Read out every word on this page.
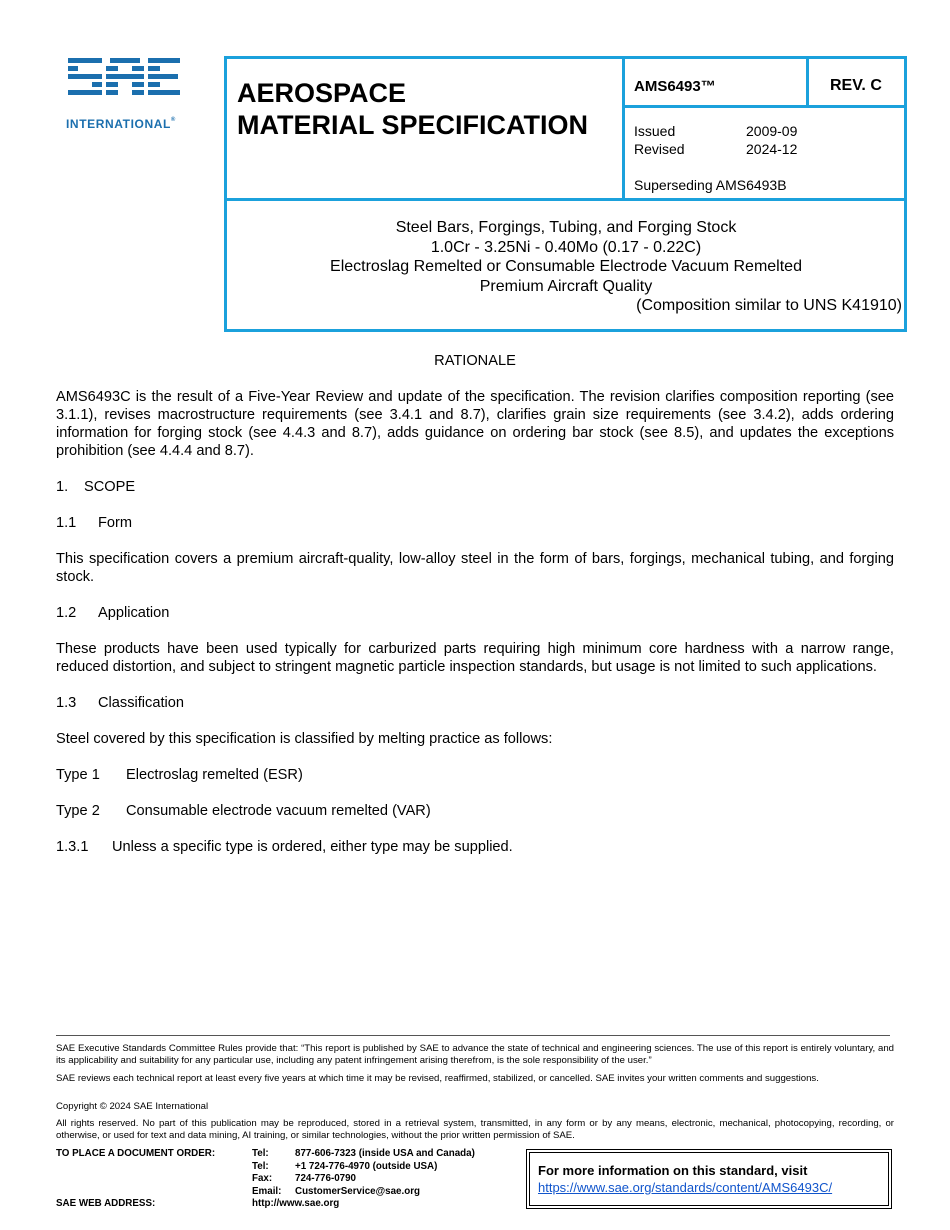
INTERNATIONAL®
AEROSPACE
MATERIAL SPECIFICATION
AMS6493™	REV. C
Issued	2009-09
Revised	2024-12
Superseding AMS6493B
Steel Bars, Forgings, Tubing, and Forging Stock
1.0Cr - 3.25Ni - 0.40Mo (0.17 - 0.22C)
Electroslag Remelted or Consumable Electrode Vacuum Remelted
Premium Aircraft Quality
(Composition similar to UNS K41910)

RATIONALE

AMS6493C is the result of a Five-Year Review and update of the specification. The revision clarifies composition reporting (see 3.1.1), revises macrostructure requirements (see 3.4.1 and 8.7), clarifies grain size requirements (see 3.4.2), adds ordering information for forging stock (see 4.4.3 and 8.7), adds guidance on ordering bar stock (see 8.5), and updates the exceptions prohibition (see 4.4.4 and 8.7).

1. SCOPE

1.1 Form

This specification covers a premium aircraft-quality, low-alloy steel in the form of bars, forgings, mechanical tubing, and forging stock.

1.2 Application

These products have been used typically for carburized parts requiring high minimum core hardness with a narrow range, reduced distortion, and subject to stringent magnetic particle inspection standards, but usage is not limited to such applications.

1.3 Classification

Steel covered by this specification is classified by melting practice as follows:

Type 1 Electroslag remelted (ESR)

Type 2 Consumable electrode vacuum remelted (VAR)

1.3.1 Unless a specific type is ordered, either type may be supplied.

SAE Executive Standards Committee Rules provide that: “This report is published by SAE to advance the state of technical and engineering sciences. The use of this report is entirely voluntary, and its applicability and suitability for any particular use, including any patent infringement arising therefrom, is the sole responsibility of the user.”
SAE reviews each technical report at least every five years at which time it may be revised, reaffirmed, stabilized, or cancelled. SAE invites your written comments and suggestions.
Copyright © 2024 SAE International
All rights reserved. No part of this publication may be reproduced, stored in a retrieval system, transmitted, in any form or by any means, electronic, mechanical, photocopying, recording, or otherwise, or used for text and data mining, AI training, or similar technologies, without the prior written permission of SAE.
TO PLACE A DOCUMENT ORDER:
SAE WEB ADDRESS:
Tel:	877-606-7323 (inside USA and Canada)
Tel:	+1 724-776-4970 (outside USA)
Fax: 724-776-0790
Email: CustomerService@sae.org
http://www.sae.org
For more information on this standard, visit
https://www.sae.org/standards/content/AMS6493C/
